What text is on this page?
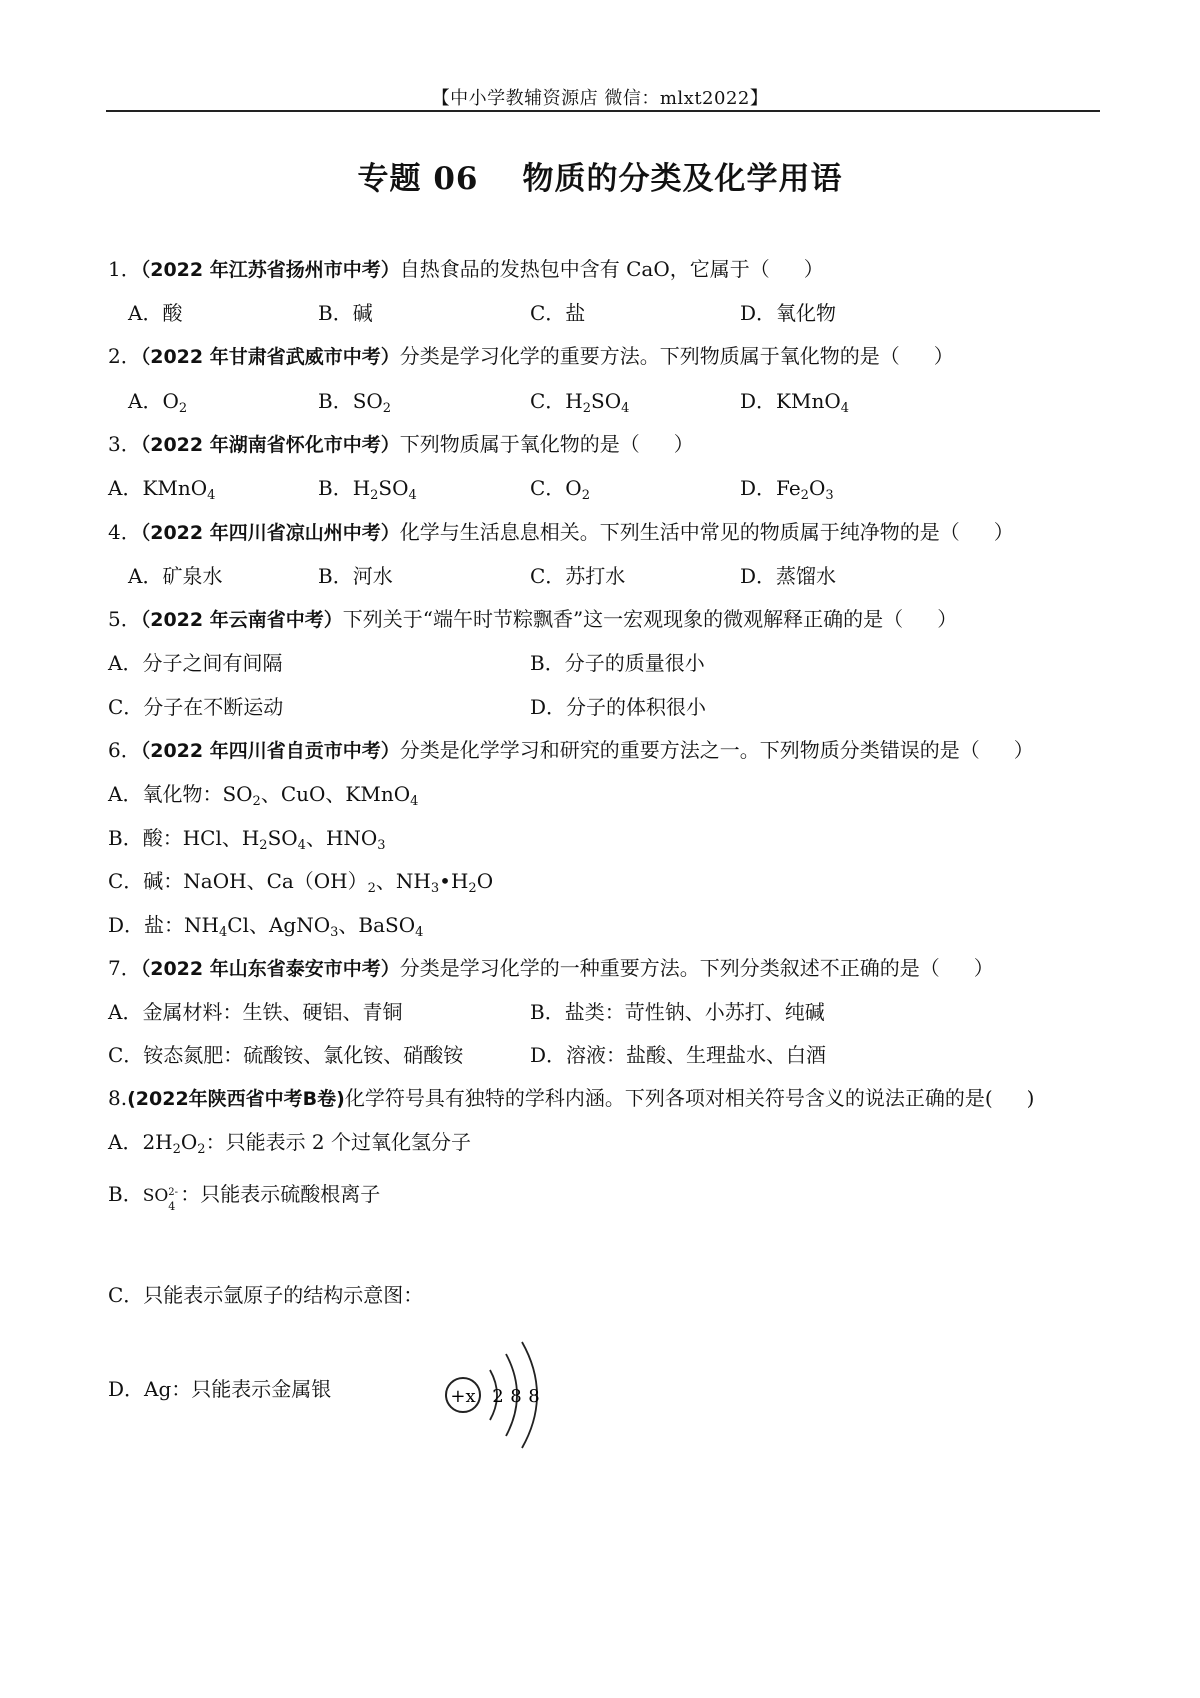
【中小学教辅资源店 微信：mlxt2022】
专题 06 物质的分类及化学用语
1．（2022 年江苏省扬州市中考）自热食品的发热包中含有 CaO，它属于（ ）
A．酸	B．碱	C．盐	D．氧化物
2．（2022 年甘肃省武威市中考）分类是学习化学的重要方法。下列物质属于氧化物的是（ ）
A．$O_2$	B．$SO_2$	C．$H_2SO_4$	D．KMnO$_4$
3．（2022 年湖南省怀化市中考）下列物质属于氧化物的是（ ）
A．KMnO$_4$	B．$H_2SO_4$	C．$O_2$	D．$Fe_2O_3$
4．（2022 年四川省凉山州中考）化学与生活息息相关。下列生活中常见的物质属于纯净物的是（ ）
A．矿泉水	B．河水	C．苏打水	D．蒸馏水
5．（2022 年云南省中考）下列关于“端午时节粽飘香”这一宏观现象的微观解释正确的是（ ）
A．分子之间有间隔	B．分子的质量很小
C．分子在不断运动	D．分子的体积很小
6．（2022 年四川省自贡市中考）分类是化学学习和研究的重要方法之一。下列物质分类错误的是（ ）
A．氧化物：$SO_2$、CuO、KMnO$_4$
B．酸：HCl、$H_2SO_4$、$HNO_3$
C．碱：NaOH、$Ca(OH)_2$、$NH_3•H_2O$
D．盐：$NH_4Cl$、AgNO$_3$、BaSO$_4$
7．（2022 年山东省泰安市中考）分类是学习化学的一种重要方法。下列分类叙述不正确的是（ ）
A．金属材料：生铁、硬铝、青铜	B．盐类：苛性钠、小苏打、纯碱
C．铵态氮肥：硫酸铵、氯化铵、硝酸铵	D．溶液：盐酸、生理盐水、白酒
8.(2022年陕西省中考B卷)化学符号具有独特的学科内涵。下列各项对相关符号含义的说法正确的是( )
A．$2H_2O_2$：只能表示 2 个过氧化氢分子
B．SO 2-
4
：只能表示硫酸根离子
C．只能表示氩原子的结构示意图：
+x 2 8 8
D．Ag：只能表示金属银
